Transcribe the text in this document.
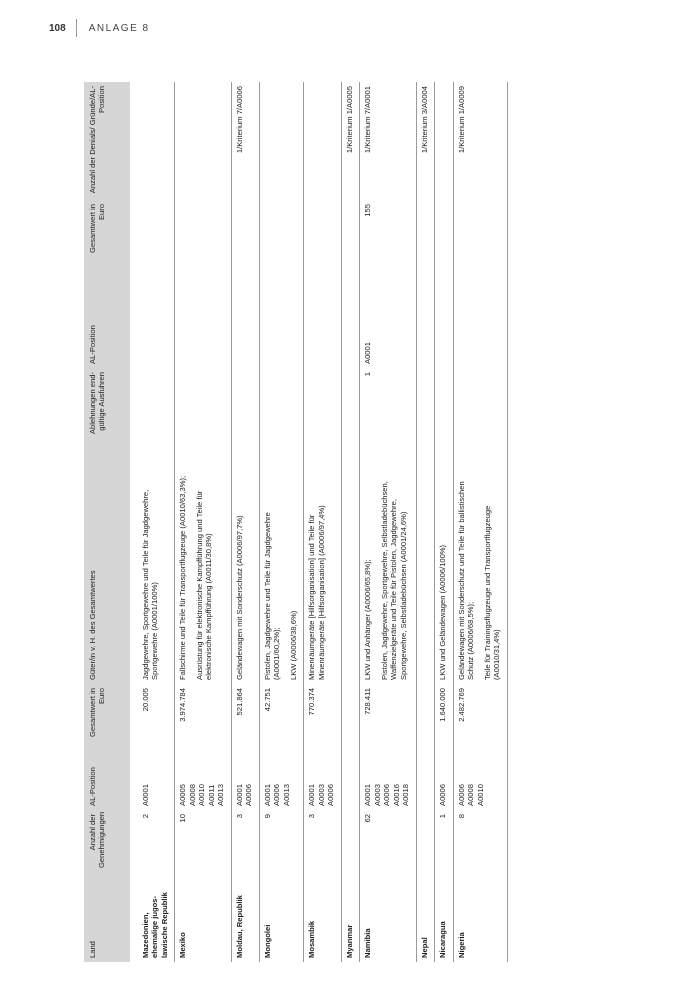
108 ANLAGE 8
Land	Anzahl der Genehmigungen	AL-Position	Gesamtwert in Euro	Güter/in v. H. des Gesamtwertes	Ablehnungen end-gültige Ausfuhren	AL-Position	Gesamtwert in Euro	Anzahl der Denials/ Gründe/AL-Position

Mazedonien, ehemalige jugos-lawische Republik	2	A0001	20.005	Jagdgewehre, Sportgewehre und Teile für Jagdgewehre, Sportgewehre (A0001/100%)				

Mexiko	10	A0005 A0008 A0010 A0011 A0013	3.974.784	Fallschirme und Teile für Transportflugzeuge (A0010/63,3%); Ausrüstung für elektronische Kampfführung und Teile für elektronische Kampfführung (A0011/30,8%)				

Moldau, Republik	3	A0001 A0006	521.864	Geländewagen mit Sonderschutz (A0006/97,7%)				1/Kriterium 7/A0006
Mongolei	9	A0001 A0006 A0013	42.751	Pistolen, Jagdgewehre und Teile für Jagdgewehre (A0001/60,2%); LKW (A0006/38,6%)				

Mosambik	3	A0001 A0003 A0006	770.374	Minenräumgeräte [Hilfsorganisation] und Teile für Minenräumgeräte [Hilfsorganisation] (A0006/97,4%)				

Myanmar								1/Kriterium 1/A0005
Namibia	62	A0001 A0003 A0006 A0016 A0018	728.411	LKW und Anhänger (A0006/65,8%); Pistolen, Jagdgewehre, Sportgewehre, Selbstladebüchsen, Waffenzielgeräte und Teile für Pistolen, Jagdgewehre, Sportgewehre, Selbstladebüchsen (A0001/24,6%)	1	A0001	155	1/Kriterium 7/A0001
Nepal								1/Kriterium 3/A0004
Nicaragua	1	A0006	1.640.000	LKW und Geländewagen (A0006/100%)				

Nigeria	8	A0006 A0008 A0010	2.482.769	Geländewagen mit Sonderschutz und Teile für ballistischen Schutz (A0006/68,5%); Teile für Trainingsflugzeuge und Transportflugzeuge (A0010/31,4%)				1/Kriterium 1/A0009
